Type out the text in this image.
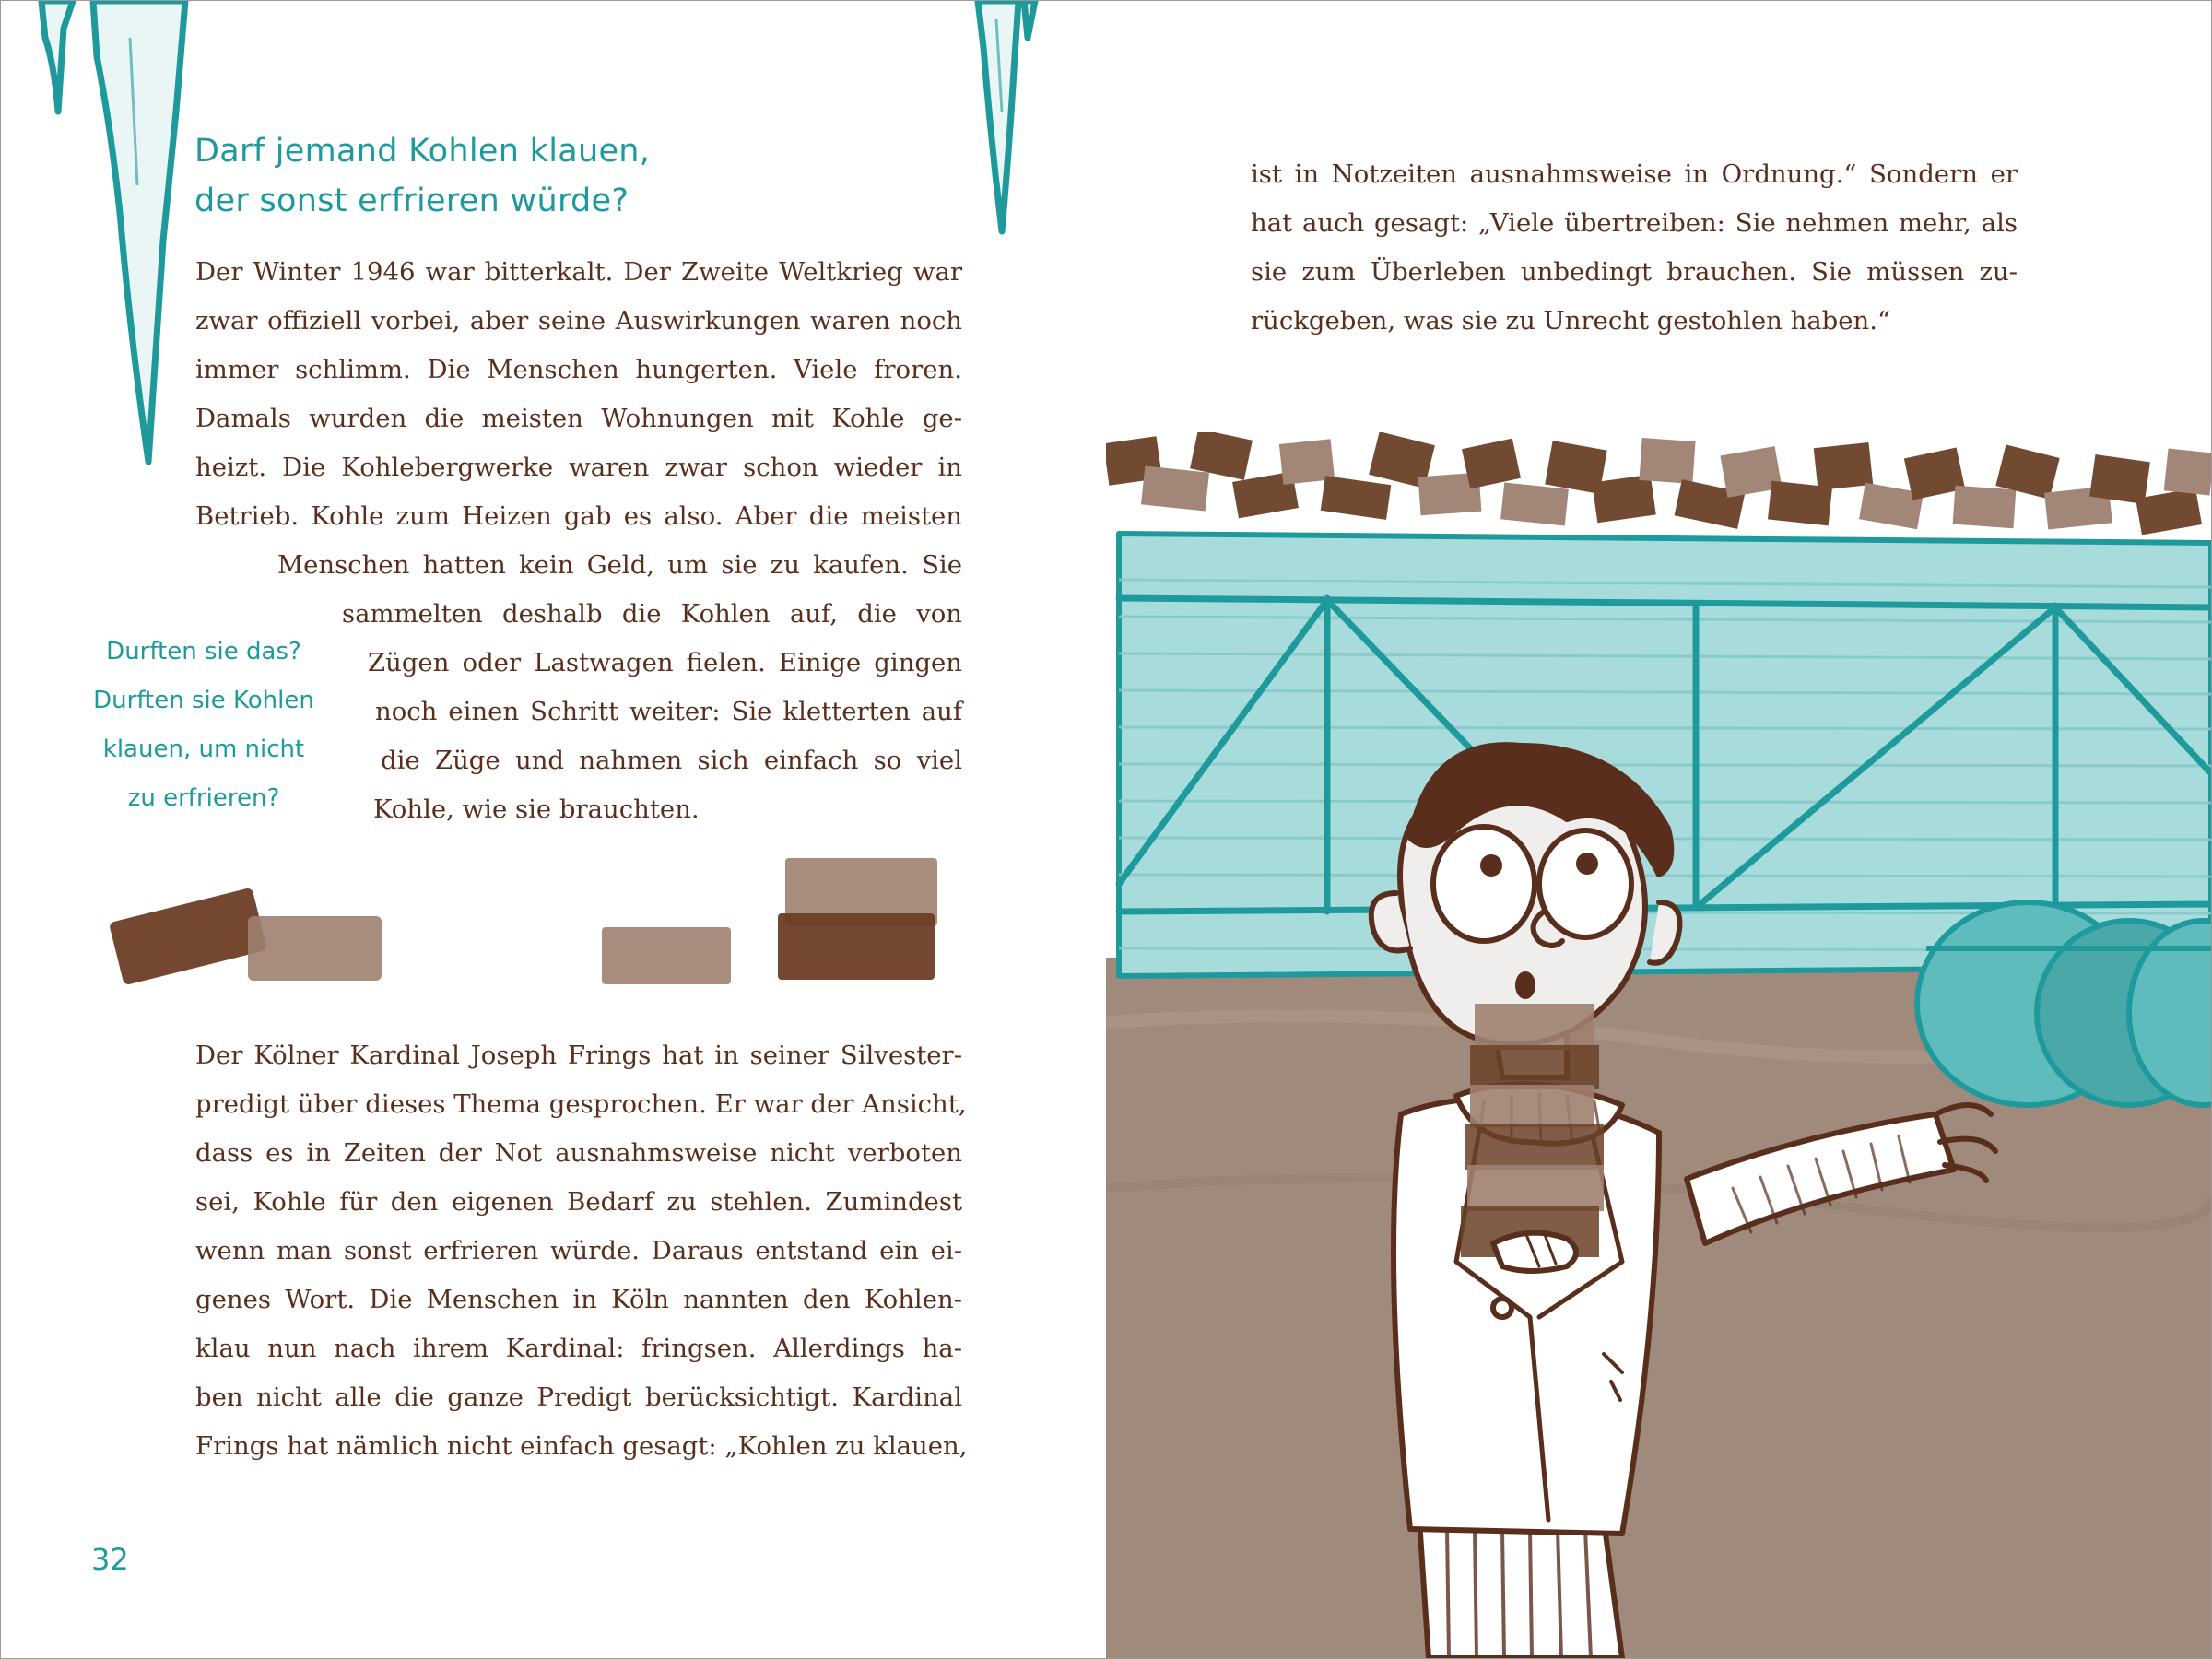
Darf jemand Kohlen klauen,
der sonst erfrieren würde?
Der Winter 1946 war bitterkalt. Der Zweite Weltkrieg war
zwar offiziell vorbei, aber seine Auswirkungen waren noch
immer schlimm. Die Menschen hungerten. Viele froren.
Damals wurden die meisten Wohnungen mit Kohle ge-
heizt. Die Kohlebergwerke waren zwar schon wieder in
Betrieb. Kohle zum Heizen gab es also. Aber die meisten
Menschen hatten kein Geld, um sie zu kaufen. Sie
sammelten deshalb die Kohlen auf, die von
Zügen oder Lastwagen fielen. Einige gingen
noch einen Schritt weiter: Sie kletterten auf
die Züge und nahmen sich einfach so viel
Kohle, wie sie brauchten.
Durften sie das?
Durften sie Kohlen
klauen, um nicht
zu erfrieren?
Der Kölner Kardinal Joseph Frings hat in seiner Silvester-
predigt über dieses Thema gesprochen. Er war der Ansicht,
dass es in Zeiten der Not ausnahmsweise nicht verboten
sei, Kohle für den eigenen Bedarf zu stehlen. Zumindest
wenn man sonst erfrieren würde. Daraus entstand ein ei-
genes Wort. Die Menschen in Köln nannten den Kohlen-
klau nun nach ihrem Kardinal: fringsen. Allerdings ha-
ben nicht alle die ganze Predigt berücksichtigt. Kardinal
Frings hat nämlich nicht einfach gesagt: „Kohlen zu klauen,
32
ist in Notzeiten ausnahmsweise in Ordnung.“ Sondern er
hat auch gesagt: „Viele übertreiben: Sie nehmen mehr, als
sie zum Überleben unbedingt brauchen. Sie müssen zu-
rückgeben, was sie zu Unrecht gestohlen haben.“
